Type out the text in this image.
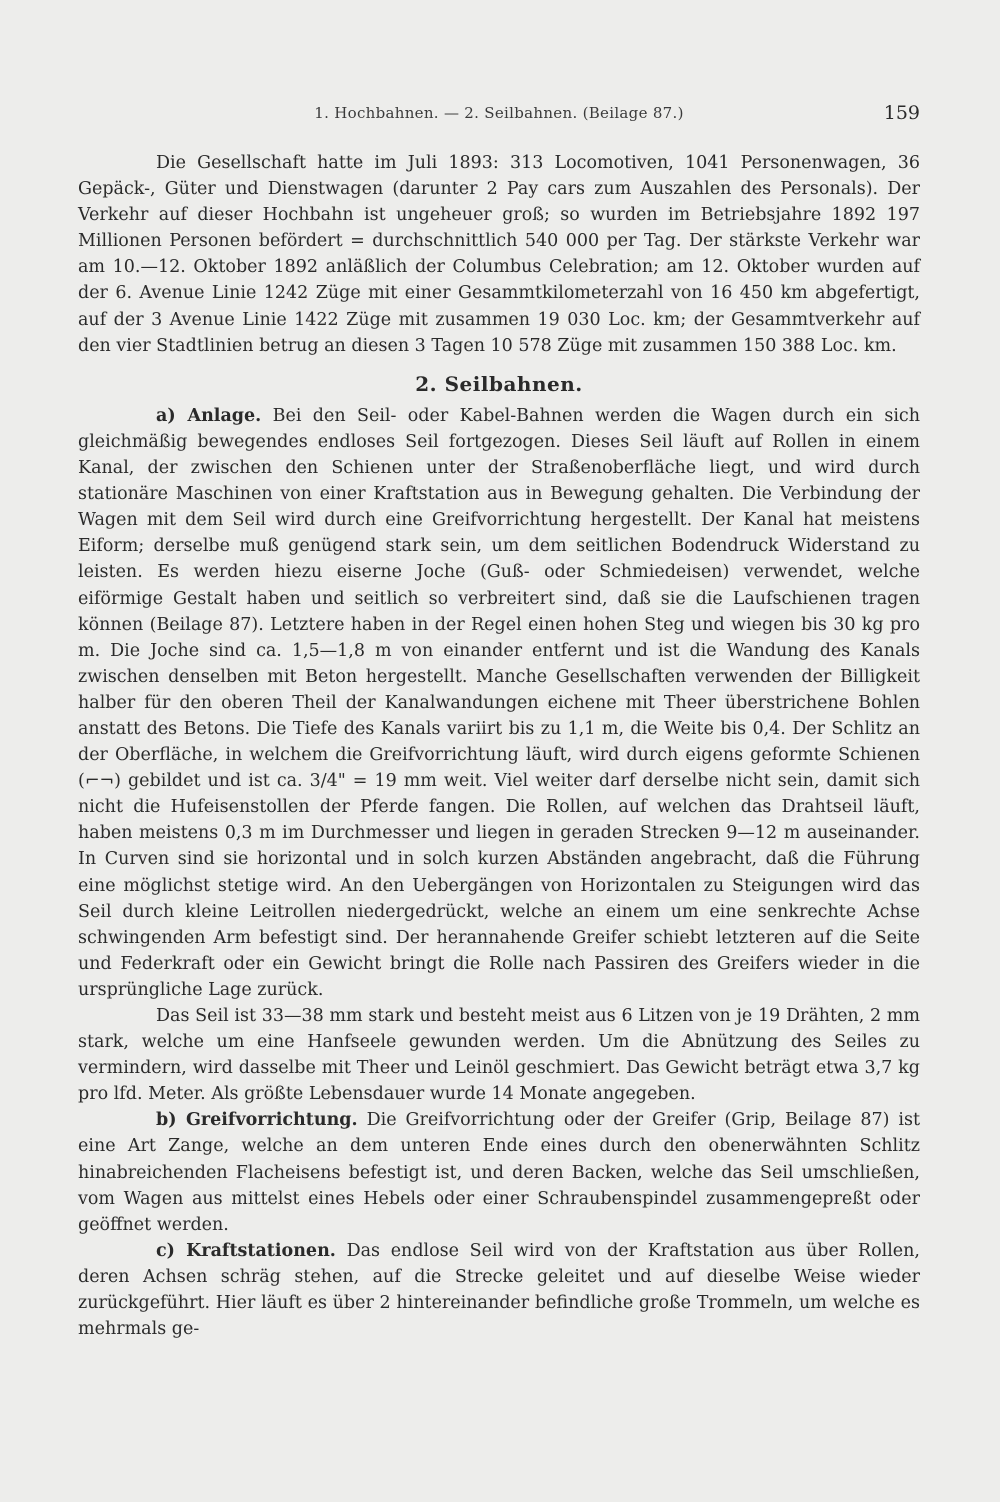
1. Hochbahnen. — 2. Seilbahnen. (Beilage 87.)	159

Die Gesellschaft hatte im Juli 1893: 313 Locomotiven, 1041 Personenwagen, 36 Gepäck-, Güter und Dienstwagen (darunter 2 Pay cars zum Auszahlen des Personals). Der Verkehr auf dieser Hochbahn ist ungeheuer groß; so wurden im Betriebsjahre 1892 197 Millionen Personen befördert = durchschnittlich 540 000 per Tag. Der stärkste Verkehr war am 10.—12. Oktober 1892 anläßlich der Columbus Celebration; am 12. Oktober wurden auf der 6. Avenue Linie 1242 Züge mit einer Gesammtkilometerzahl von 16 450 km abgefertigt, auf der 3 Avenue Linie 1422 Züge mit zusammen 19 030 Loc. km; der Gesammtverkehr auf den vier Stadtlinien betrug an diesen 3 Tagen 10 578 Züge mit zusammen 150 388 Loc. km.

2. Seilbahnen.

a) Anlage. Bei den Seil- oder Kabel-Bahnen werden die Wagen durch ein sich gleichmäßig bewegendes endloses Seil fortgezogen. Dieses Seil läuft auf Rollen in einem Kanal, der zwischen den Schienen unter der Straßenoberfläche liegt, und wird durch stationäre Maschinen von einer Kraftstation aus in Bewegung gehalten. Die Verbindung der Wagen mit dem Seil wird durch eine Greifvorrichtung hergestellt. Der Kanal hat meistens Eiform; derselbe muß genügend stark sein, um dem seitlichen Bodendruck Widerstand zu leisten. Es werden hiezu eiserne Joche (Guß- oder Schmiedeisen) verwendet, welche eiförmige Gestalt haben und seitlich so verbreitert sind, daß sie die Laufschienen tragen können (Beilage 87). Letztere haben in der Regel einen hohen Steg und wiegen bis 30 kg pro m. Die Joche sind ca. 1,5—1,8 m von einander entfernt und ist die Wandung des Kanals zwischen denselben mit Beton hergestellt. Manche Gesellschaften verwenden der Billigkeit halber für den oberen Theil der Kanalwandungen eichene mit Theer überstrichene Bohlen anstatt des Betons. Die Tiefe des Kanals variirt bis zu 1,1 m, die Weite bis 0,4. Der Schlitz an der Oberfläche, in welchem die Greifvorrichtung läuft, wird durch eigens geformte Schienen (⌐¬) gebildet und ist ca. 3/4" = 19 mm weit. Viel weiter darf derselbe nicht sein, damit sich nicht die Hufeisenstollen der Pferde fangen. Die Rollen, auf welchen das Drahtseil läuft, haben meistens 0,3 m im Durchmesser und liegen in geraden Strecken 9—12 m auseinander. In Curven sind sie horizontal und in solch kurzen Abständen angebracht, daß die Führung eine möglichst stetige wird. An den Uebergängen von Horizontalen zu Steigungen wird das Seil durch kleine Leitrollen niedergedrückt, welche an einem um eine senkrechte Achse schwingenden Arm befestigt sind. Der herannahende Greifer schiebt letzteren auf die Seite und Federkraft oder ein Gewicht bringt die Rolle nach Passiren des Greifers wieder in die ursprüngliche Lage zurück.

Das Seil ist 33—38 mm stark und besteht meist aus 6 Litzen von je 19 Drähten, 2 mm stark, welche um eine Hanfseele gewunden werden. Um die Abnützung des Seiles zu vermindern, wird dasselbe mit Theer und Leinöl geschmiert. Das Gewicht beträgt etwa 3,7 kg pro lfd. Meter. Als größte Lebensdauer wurde 14 Monate angegeben.

b) Greifvorrichtung. Die Greifvorrichtung oder der Greifer (Grip, Beilage 87) ist eine Art Zange, welche an dem unteren Ende eines durch den obenerwähnten Schlitz hinabreichenden Flacheisens befestigt ist, und deren Backen, welche das Seil umschließen, vom Wagen aus mittelst eines Hebels oder einer Schraubenspindel zusammengepreßt oder geöffnet werden.

c) Kraftstationen. Das endlose Seil wird von der Kraftstation aus über Rollen, deren Achsen schräg stehen, auf die Strecke geleitet und auf dieselbe Weise wieder zurückgeführt. Hier läuft es über 2 hintereinander befindliche große Trommeln, um welche es mehrmals ge-
